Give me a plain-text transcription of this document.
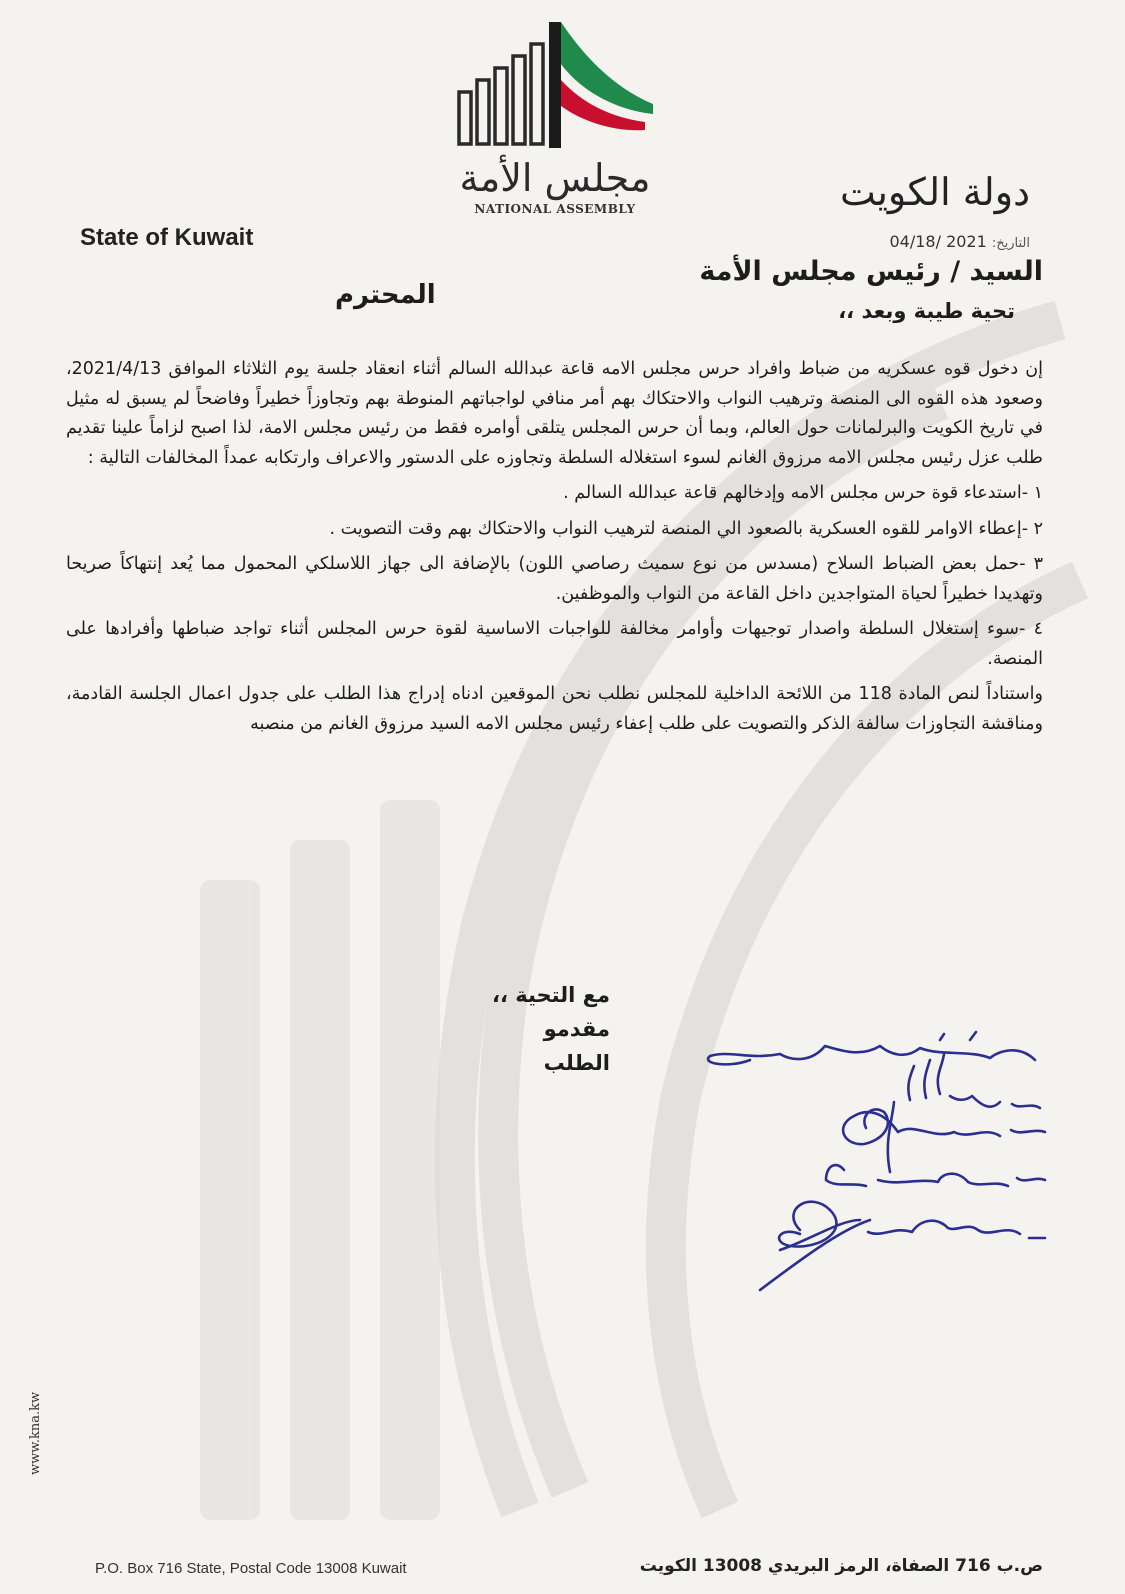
مجلس الأمة
NATIONAL ASSEMBLY
State of Kuwait
دولة الكويت
التاريخ: 2021 /04/18
السيد / رئيس مجلس الأمة
المحترم
تحية طيبة وبعد ،،

إن دخول قوه عسكريه من ضباط وافراد حرس مجلس الامه قاعة عبدالله السالم أثناء انعقاد جلسة يوم الثلاثاء الموافق 2021/4/13، وصعود هذه القوه الى المنصة وترهيب النواب والاحتكاك بهم أمر منافي لواجباتهم المنوطة بهم وتجاوزاً خطيراً وفاضحاً لم يسبق له مثيل في تاريخ الكويت والبرلمانات حول العالم، وبما أن حرس المجلس يتلقى أوامره فقط من رئيس مجلس الامة، لذا اصبح لزاماً علينا تقديم طلب عزل رئيس مجلس الامه مرزوق الغانم لسوء استغلاله السلطة وتجاوزه على الدستور والاعراف وارتكابه عمداً المخالفات التالية :

١ -استدعاء قوة حرس مجلس الامه وإدخالهم قاعة عبدالله السالم .

٢ -إعطاء الاوامر للقوه العسكرية بالصعود الي المنصة لترهيب النواب والاحتكاك بهم وقت التصويت .

٣ -حمل بعض الضباط السلاح (مسدس من نوع سميث رصاصي اللون) بالإضافة الى جهاز اللاسلكي المحمول مما يُعد إنتهاكاً صريحا وتهديدا خطيراً لحياة المتواجدين داخل القاعة من النواب والموظفين.

٤ -سوء إستغلال السلطة واصدار توجيهات وأوامر مخالفة للواجبات الاساسية لقوة حرس المجلس أثناء تواجد ضباطها وأفرادها على المنصة.

واستناداً لنص المادة 118 من اللائحة الداخلية للمجلس نطلب نحن الموقعين ادناه إدراج هذا الطلب على جدول اعمال الجلسة القادمة، ومناقشة التجاوزات سالفة الذكر والتصويت على طلب إعفاء رئيس مجلس الامه السيد مرزوق الغانم من منصبه

مع التحية ،،
مقدمو الطلب
www.kna.kw
P.O. Box 716 State, Postal Code 13008 Kuwait	ص.ب 716 الصفاة، الرمز البريدي 13008 الكويت
